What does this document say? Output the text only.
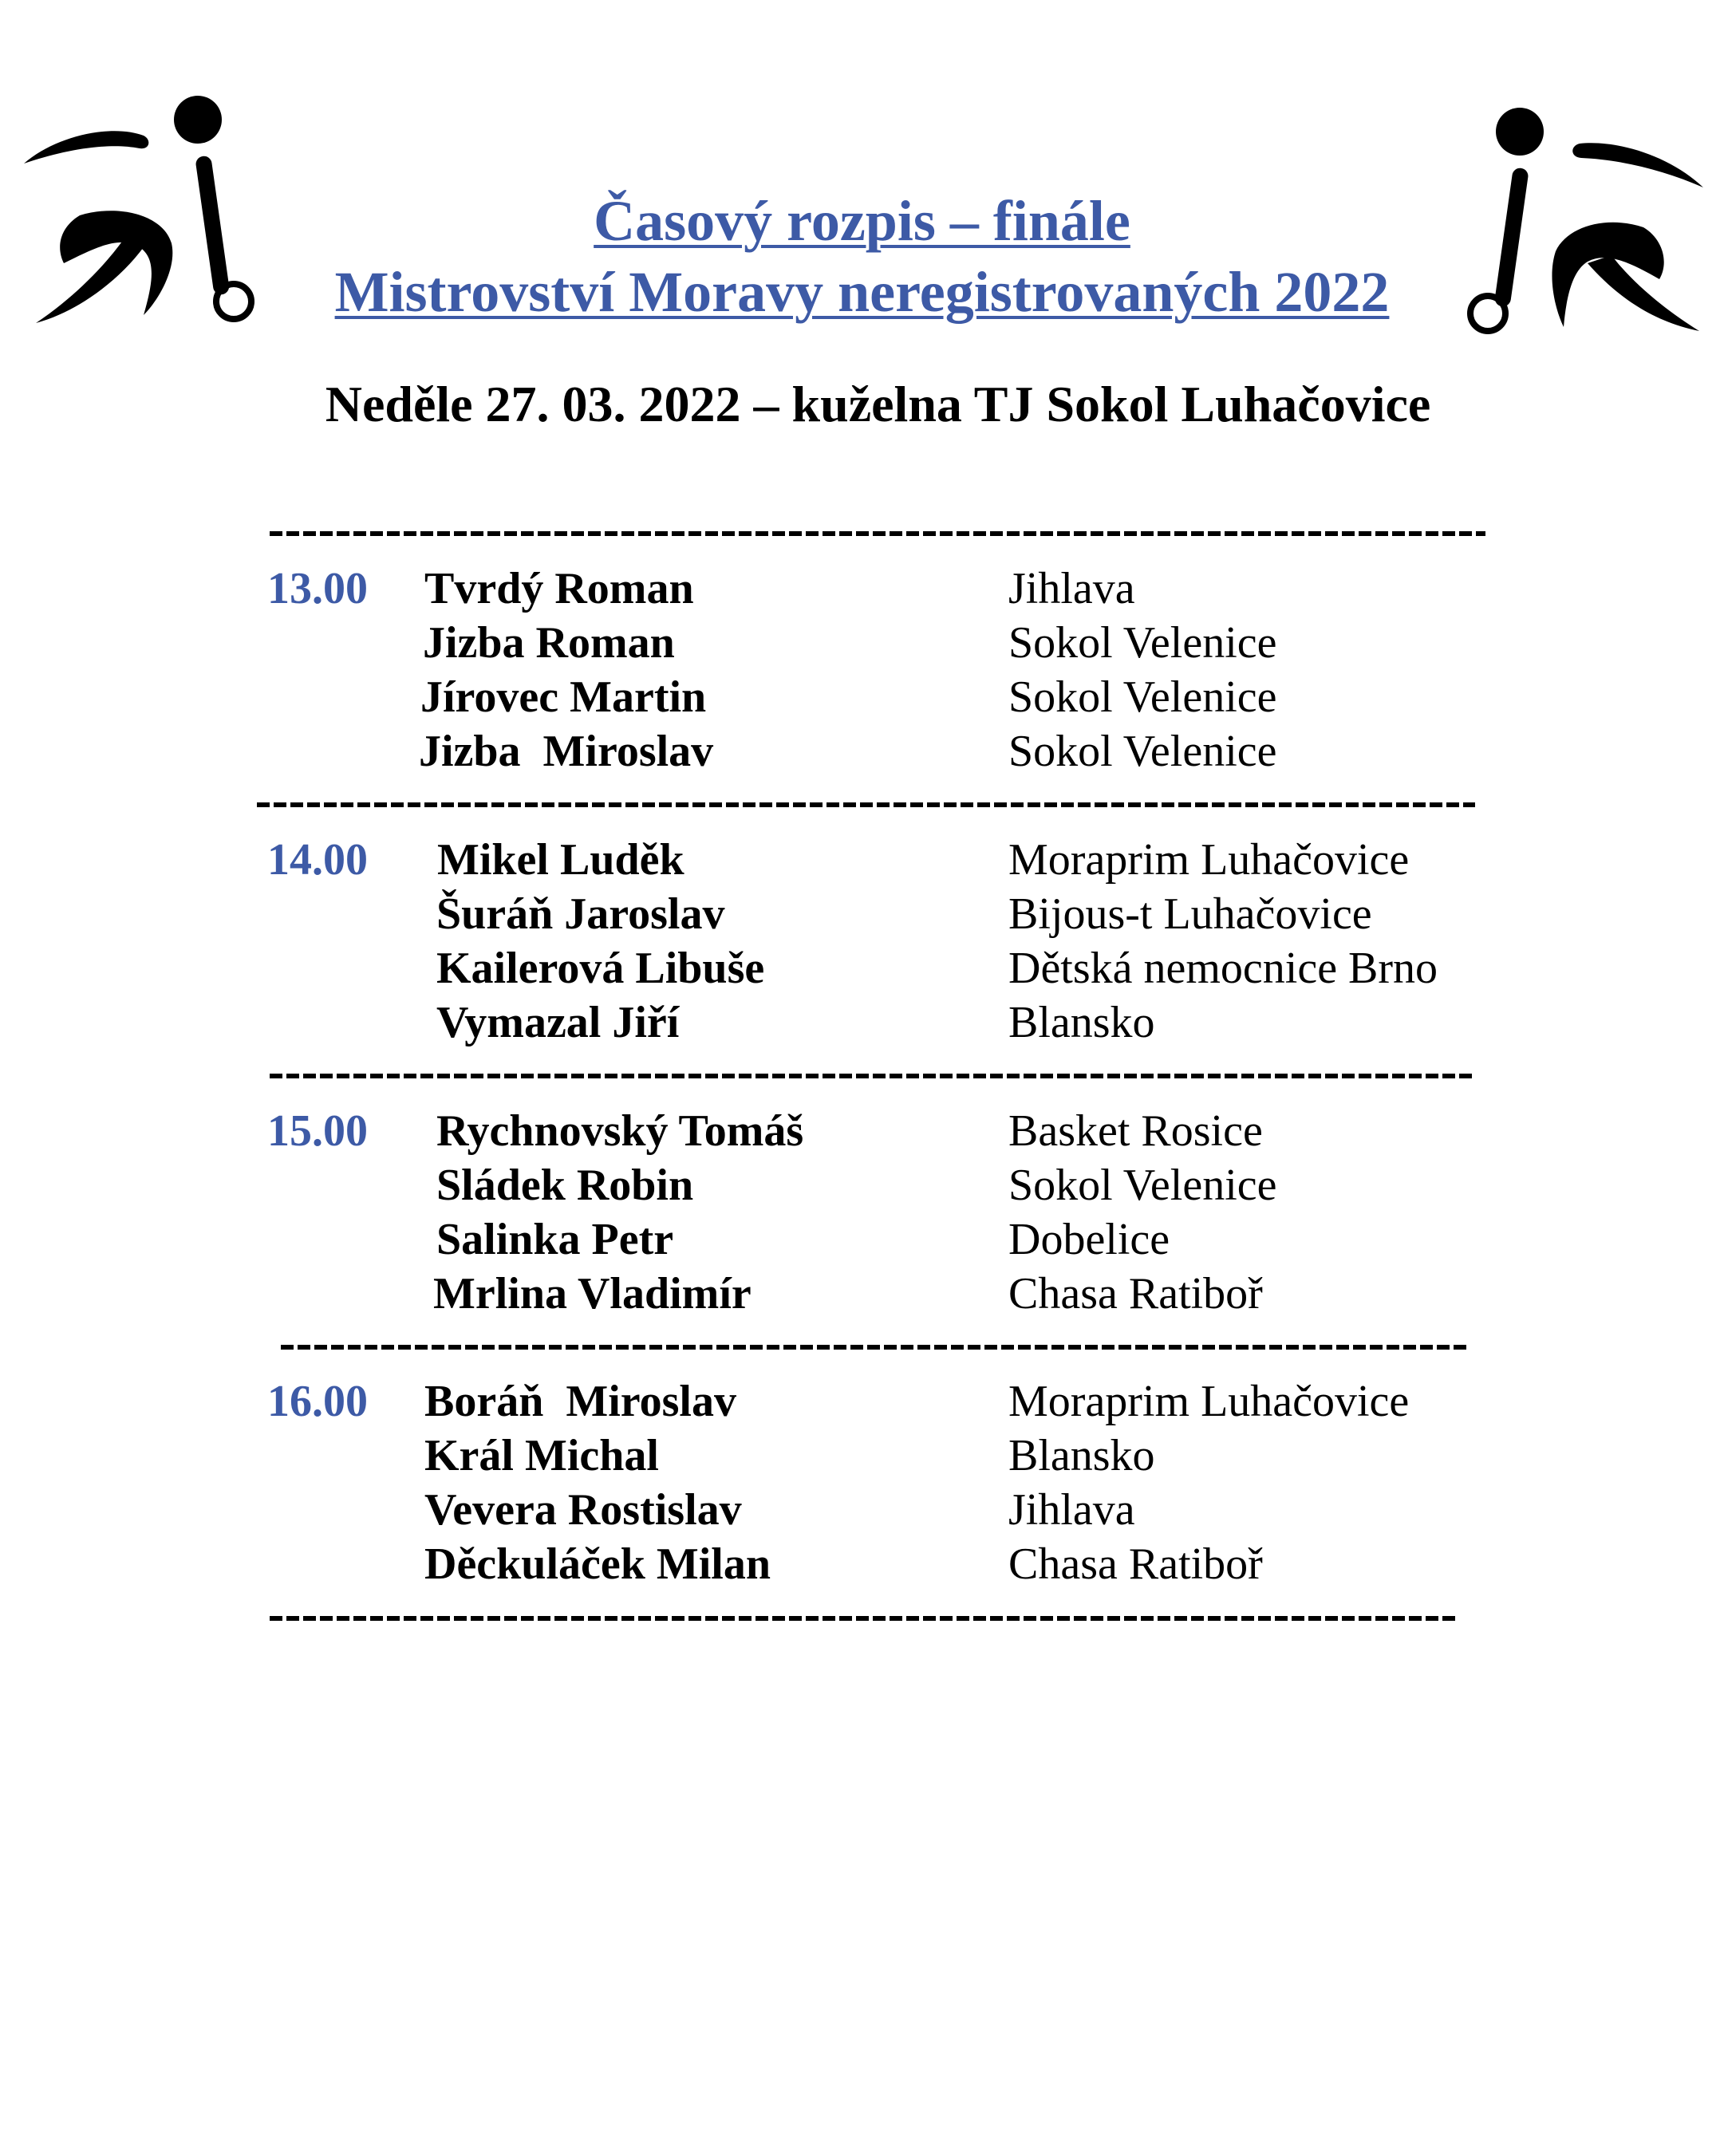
Časový rozpis – finále
Mistrovství Moravy neregistrovaných 2022
Neděle 27. 03. 2022 – kuželna TJ Sokol Luhačovice
13.00 Tvrdý Roman	Jihlava
Jizba Roman	Sokol Velenice
Jírovec Martin	Sokol Velenice
Jizba  Miroslav	Sokol Velenice
14.00 Mikel Luděk	Moraprim Luhačovice
Šuráň Jaroslav	Bijous-t Luhačovice
Kailerová Libuše	Dětská nemocnice Brno
Vymazal Jiří	Blansko
15.00 Rychnovský Tomáš	Basket Rosice
Sládek Robin	Sokol Velenice
Salinka Petr	Dobelice
Mrlina Vladimír	Chasa Ratiboř
16.00 Boráň  Miroslav	Moraprim Luhačovice
Král Michal	Blansko
Vevera Rostislav	Jihlava
Děckuláček Milan	Chasa Ratiboř
